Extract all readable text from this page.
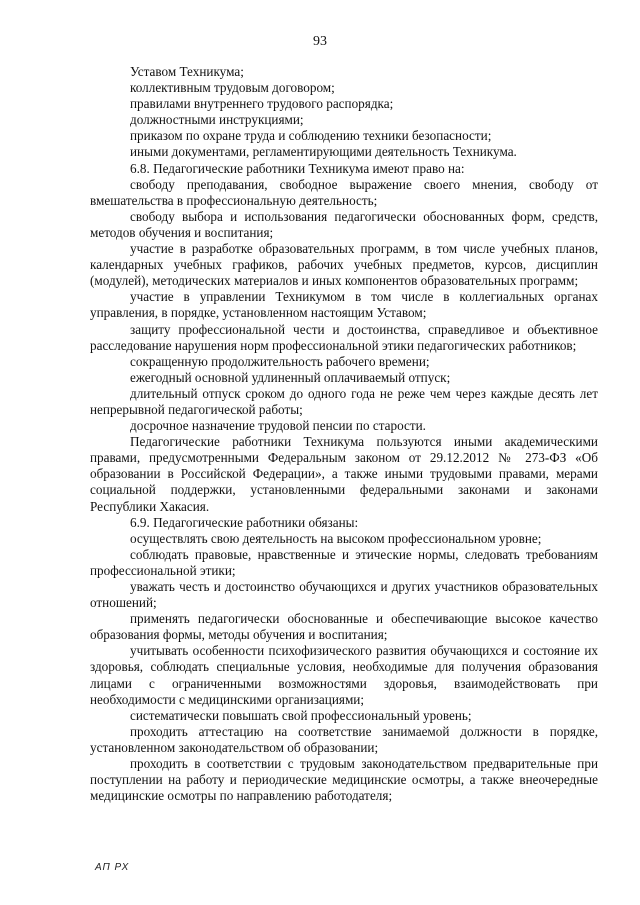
93

Уставом Техникума;

коллективным трудовым договором;

правилами внутреннего трудового распорядка;

должностными инструкциями;

приказом по охране труда и соблюдению техники безопасности;

иными документами, регламентирующими деятельность Техникума.

6.8. Педагогические работники Техникума имеют право на:

свободу преподавания, свободное выражение своего мнения, свободу от вмешательства в профессиональную деятельность;

свободу выбора и использования педагогически обоснованных форм, средств, методов обучения и воспитания;

участие в разработке образовательных программ, в том числе учебных планов, календарных учебных графиков, рабочих учебных предметов, курсов, дисциплин (модулей), методических материалов и иных компонентов образовательных программ;

участие в управлении Техникумом в том числе в коллегиальных органах управления, в порядке, установленном настоящим Уставом;

защиту профессиональной чести и достоинства, справедливое и объективное расследование нарушения норм профессиональной этики педагогических работников;

сокращенную продолжительность рабочего времени;

ежегодный основной удлиненный оплачиваемый отпуск;

длительный отпуск сроком до одного года не реже чем через каждые десять лет непрерывной педагогической работы;

досрочное назначение трудовой пенсии по старости.

Педагогические работники Техникума пользуются иными академическими правами, предусмотренными Федеральным законом от 29.12.2012 № 273-ФЗ «Об образовании в Российской Федерации», а также иными трудовыми правами, мерами социальной поддержки, установленными федеральными законами и законами Республики Хакасия.

6.9. Педагогические работники обязаны:

осуществлять свою деятельность на высоком профессиональном уровне;

соблюдать правовые, нравственные и этические нормы, следовать требованиям профессиональной этики;

уважать честь и достоинство обучающихся и других участников образовательных отношений;

применять педагогически обоснованные и обеспечивающие высокое качество образования формы, методы обучения и воспитания;

учитывать особенности психофизического развития обучающихся и состояние их здоровья, соблюдать специальные условия, необходимые для получения образования лицами с ограниченными возможностями здоровья, взаимодействовать при необходимости с медицинскими организациями;

систематически повышать свой профессиональный уровень;

проходить аттестацию на соответствие занимаемой должности в порядке, установленном законодательством об образовании;

проходить в соответствии с трудовым законодательством предварительные при поступлении на работу и периодические медицинские осмотры, а также внеочередные медицинские осмотры по направлению работодателя;

АП РХ
